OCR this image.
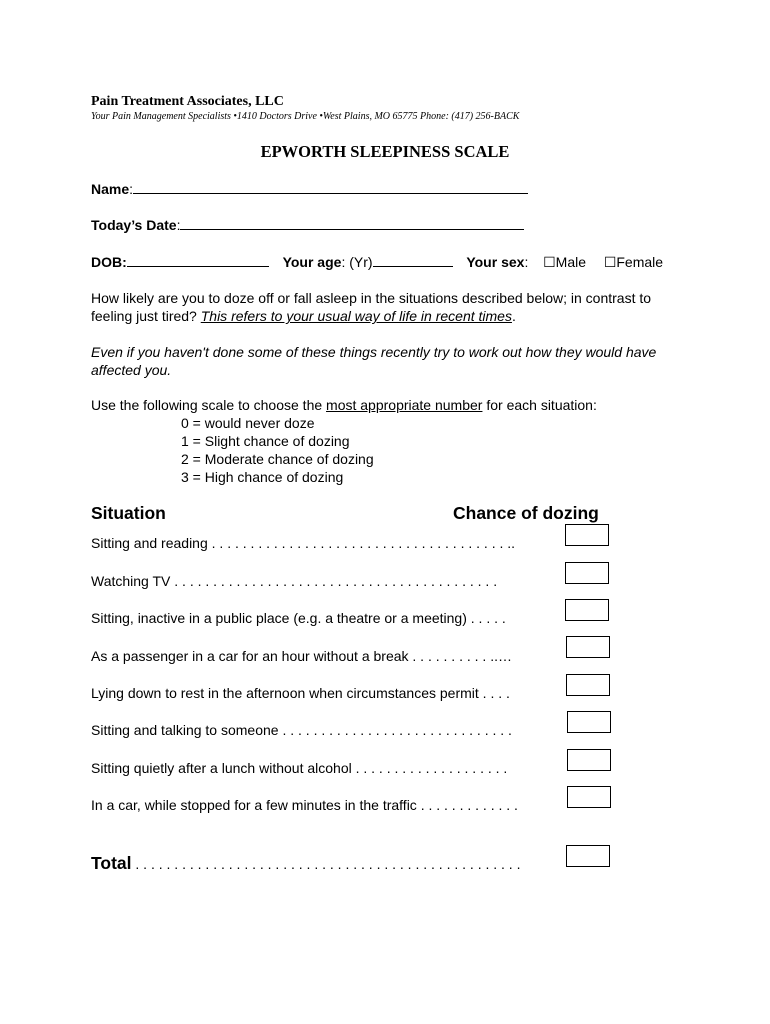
Pain Treatment Associates, LLC
Your Pain Management Specialists •1410 Doctors Drive •West Plains, MO 65775 Phone: (417) 256-BACK
EPWORTH SLEEPINESS SCALE
Name:
Today’s Date:
DOB:	Your age: (Yr)	Your sex:  ☐Male ☐Female
How likely are you to doze off or fall asleep in the situations described below; in contrast to feeling just tired? This refers to your usual way of life in recent times.
Even if you haven't done some of these things recently try to work out how they would have affected you.
Use the following scale to choose the most appropriate number for each situation:
0 = would never doze
1 = Slight chance of dozing
2 = Moderate chance of dozing
3 = High chance of dozing
Situation	Chance of dozing
Sitting and reading . . . . . . . . . . . . . . . . . . . . . . . . . . . . . . . . . . . . . . ..
Watching TV . . . . . . . . . . . . . . . . . . . . . . . . . . . . . . . . . . . . . . . . . .
Sitting, inactive in a public place (e.g. a theatre or a meeting) . . . . .
As a passenger in a car for an hour without a break . . . . . . . . . . ..…
Lying down to rest in the afternoon when circumstances permit . . . .
Sitting and talking to someone . . . . . . . . . . . . . . . . . . . . . . . . . . . . . .
Sitting quietly after a lunch without alcohol . . . . . . . . . . . . . . . . . . . .
In a car, while stopped for a few minutes in the traffic . . . . . . . . . . . . .
Total . . . . . . . . . . . . . . . . . . . . . . . . . . . . . . . . . . . . . . . . . . . . . . . . . .
